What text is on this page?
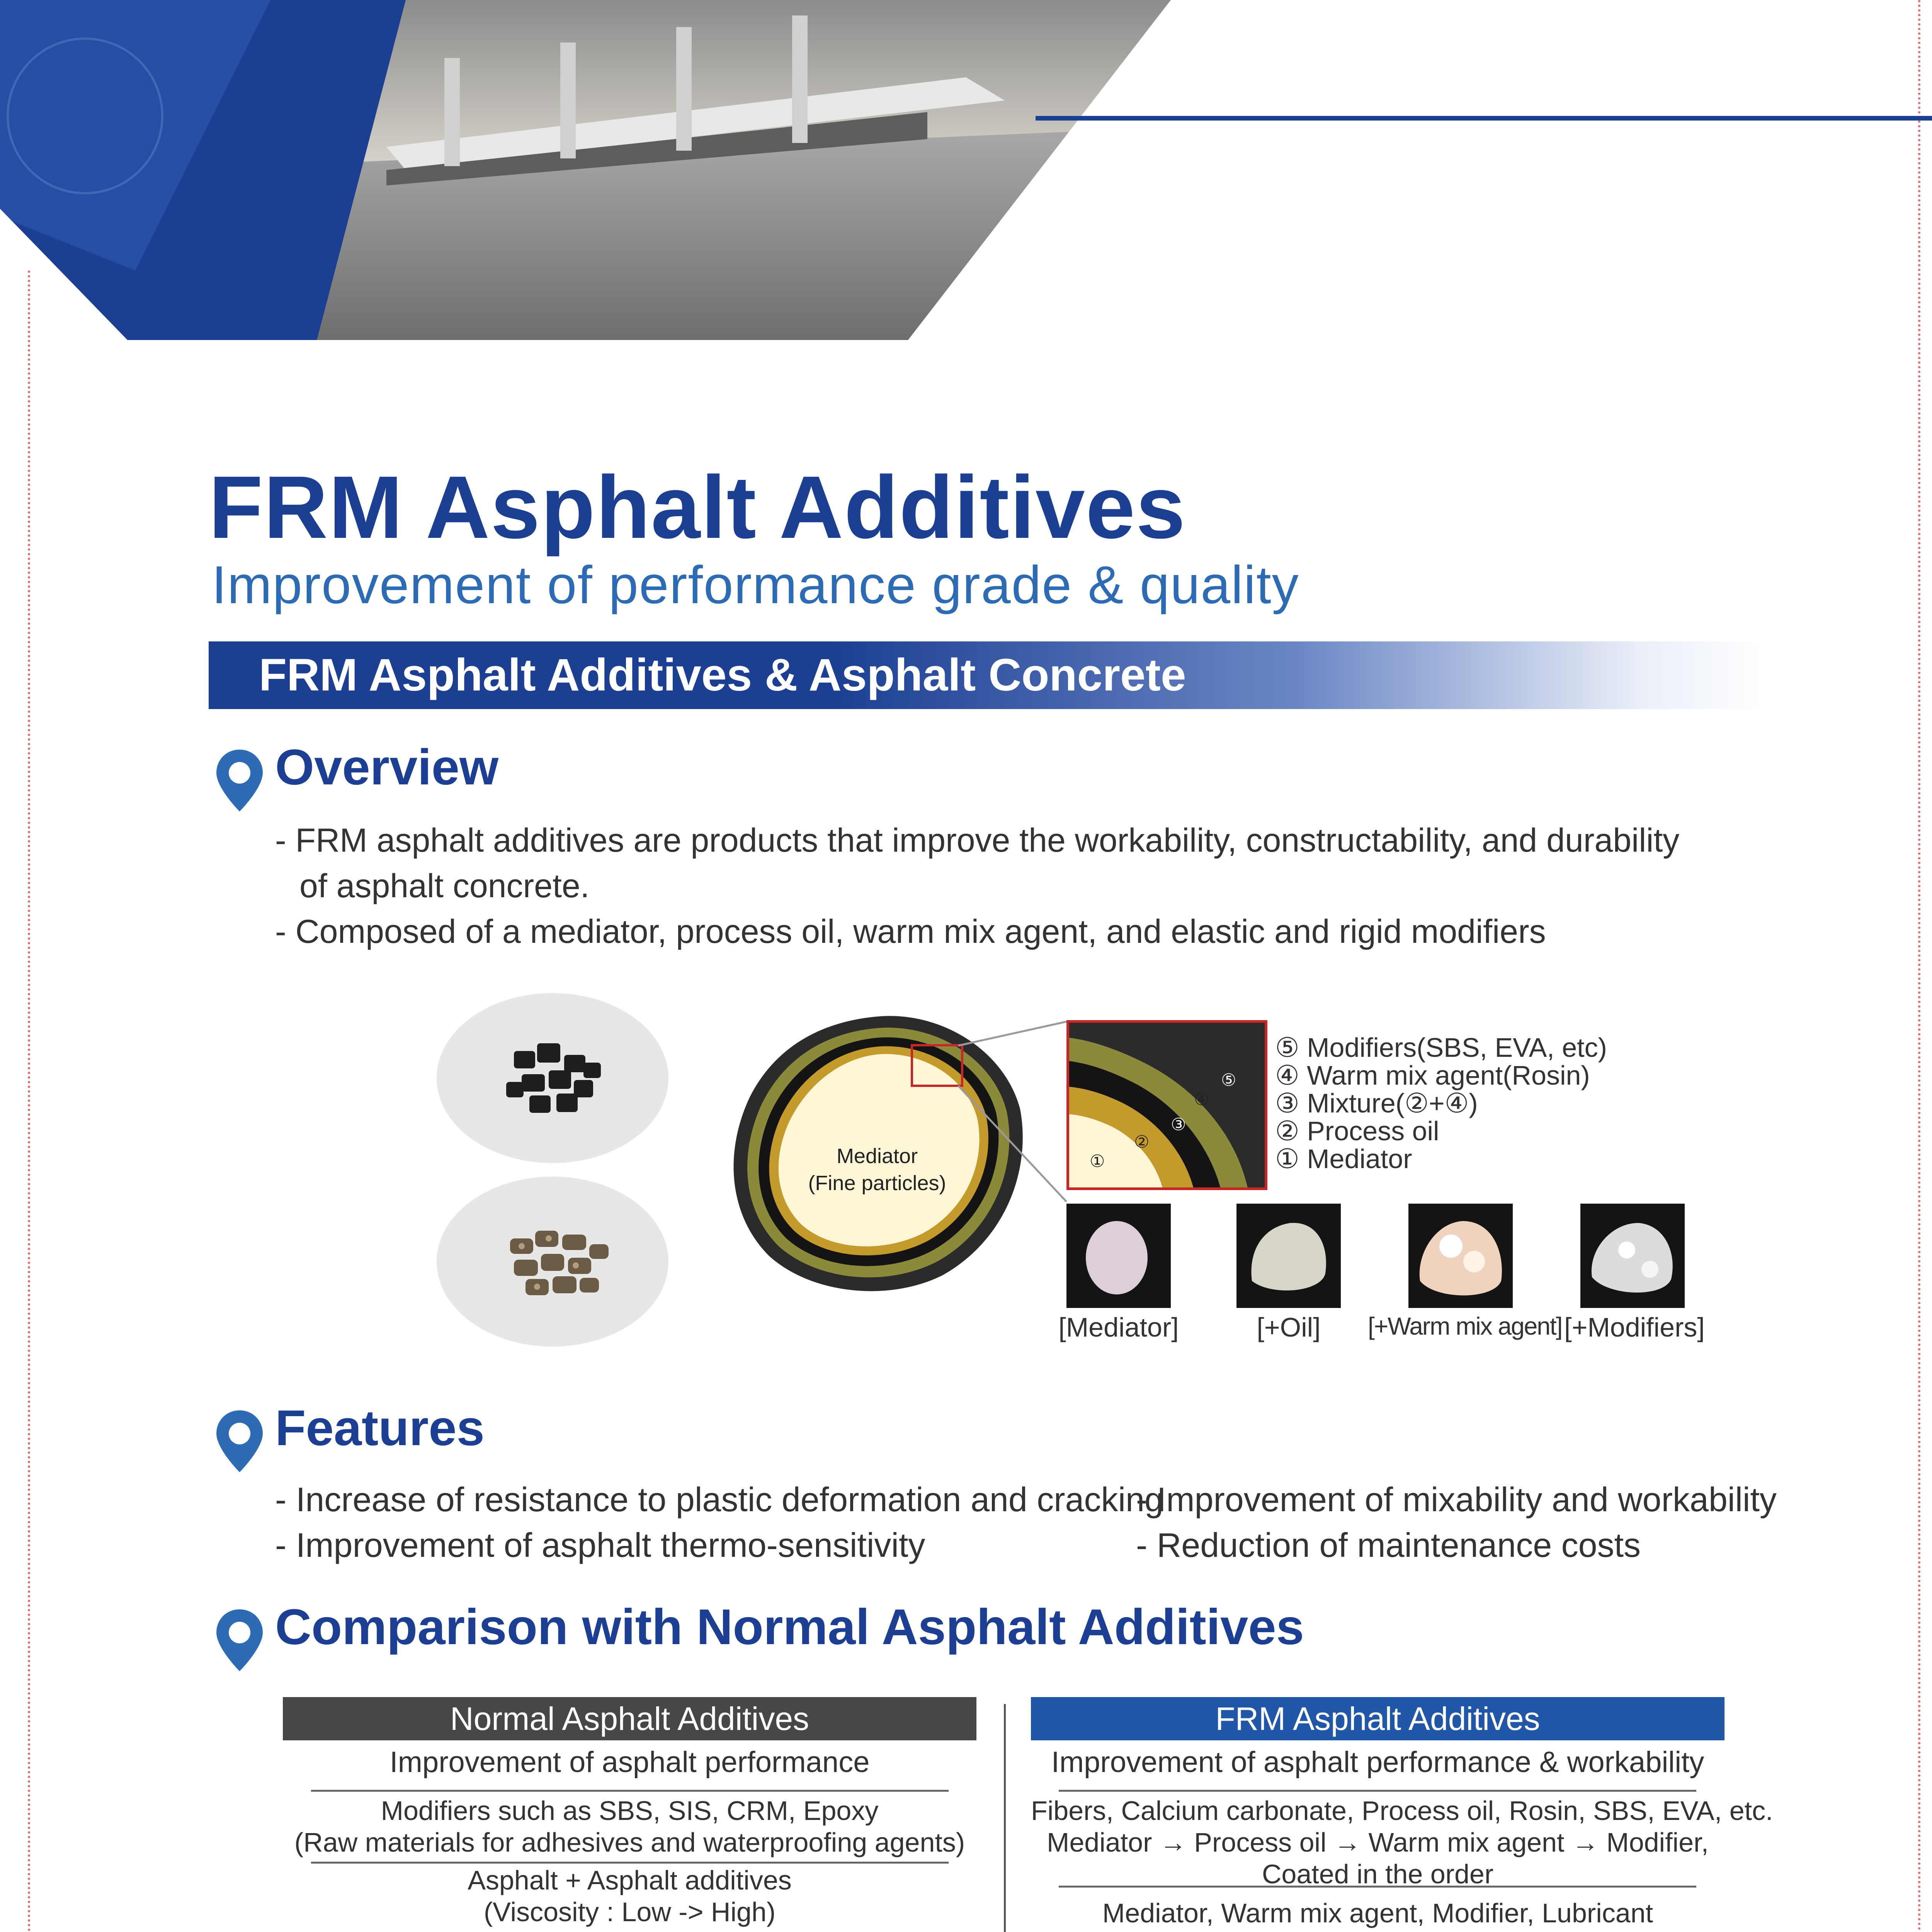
FRM Asphalt Additives
Improvement of performance grade & quality
FRM Asphalt Additives & Asphalt Concrete
Overview
- FRM asphalt additives are products that improve the workability, constructability, and durability
of asphalt concrete.
- Composed of a mediator, process oil, warm mix agent, and elastic and rigid modifiers
Mediator
(Fine particles)
①
②
③
④
⑤
⑤ Modifiers(SBS, EVA, etc)
④ Warm mix agent(Rosin)
③ Mixture(②+④)
② Process oil
① Mediator
[Mediator]	[+Oil]	[+Warm mix agent] [+Modifiers]
Features
- Increase of resistance to plastic deformation and cracking
- Improvement of asphalt thermo-sensitivity
- Improvement of mixability and workability
- Reduction of maintenance costs
Comparison with Normal Asphalt Additives
Normal Asphalt Additives
Improvement of asphalt performance
Modifiers such as SBS, SIS, CRM, Epoxy
(Raw materials for adhesives and waterproofing agents)
Asphalt + Asphalt additives
(Viscosity : Low -> High)
FRM Asphalt Additives
Improvement of asphalt performance & workability
Fibers, Calcium carbonate, Process oil, Rosin, SBS, EVA, etc.
Mediator → Process oil → Warm mix agent → Modifier,
Coated in the order
Mediator, Warm mix agent, Modifier, Lubricant
